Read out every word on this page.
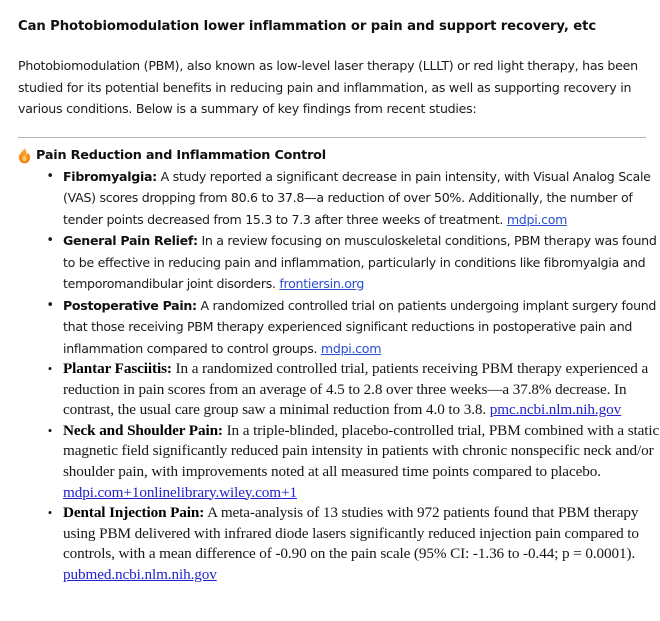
Can Photobiomodulation lower inflammation or pain and support recovery, etc

Photobiomodulation (PBM), also known as low-level laser therapy (LLLT) or red light therapy, has been studied for its potential benefits in reducing pain and inflammation, as well as supporting recovery in various conditions. Below is a summary of key findings from recent studies:

Pain Reduction and Inflammation Control
• Fibromyalgia: A study reported a significant decrease in pain intensity, with Visual Analog Scale (VAS) scores dropping from 80.6 to 37.8—a reduction of over 50%. Additionally, the number of tender points decreased from 15.3 to 7.3 after three weeks of treatment. mdpi.com
• General Pain Relief: In a review focusing on musculoskeletal conditions, PBM therapy was found to be effective in reducing pain and inflammation, particularly in conditions like fibromyalgia and temporomandibular joint disorders. frontiersin.org
• Postoperative Pain: A randomized controlled trial on patients undergoing implant surgery found that those receiving PBM therapy experienced significant reductions in postoperative pain and inflammation compared to control groups. mdpi.com
• Plantar Fasciitis: In a randomized controlled trial, patients receiving PBM therapy experienced a reduction in pain scores from an average of 4.5 to 2.8 over three weeks—a 37.8% decrease. In contrast, the usual care group saw a minimal reduction from 4.0 to 3.8. pmc.ncbi.nlm.nih.gov
• Neck and Shoulder Pain: In a triple-blinded, placebo-controlled trial, PBM combined with a static magnetic field significantly reduced pain intensity in patients with chronic nonspecific neck and/or shoulder pain, with improvements noted at all measured time points compared to placebo. mdpi.com+1onlinelibrary.wiley.com+1
• Dental Injection Pain: A meta-analysis of 13 studies with 972 patients found that PBM therapy using PBM delivered with infrared diode lasers significantly reduced injection pain compared to controls, with a mean difference of -0.90 on the pain scale (95% CI: -1.36 to -0.44; p = 0.0001). pubmed.ncbi.nlm.nih.gov
